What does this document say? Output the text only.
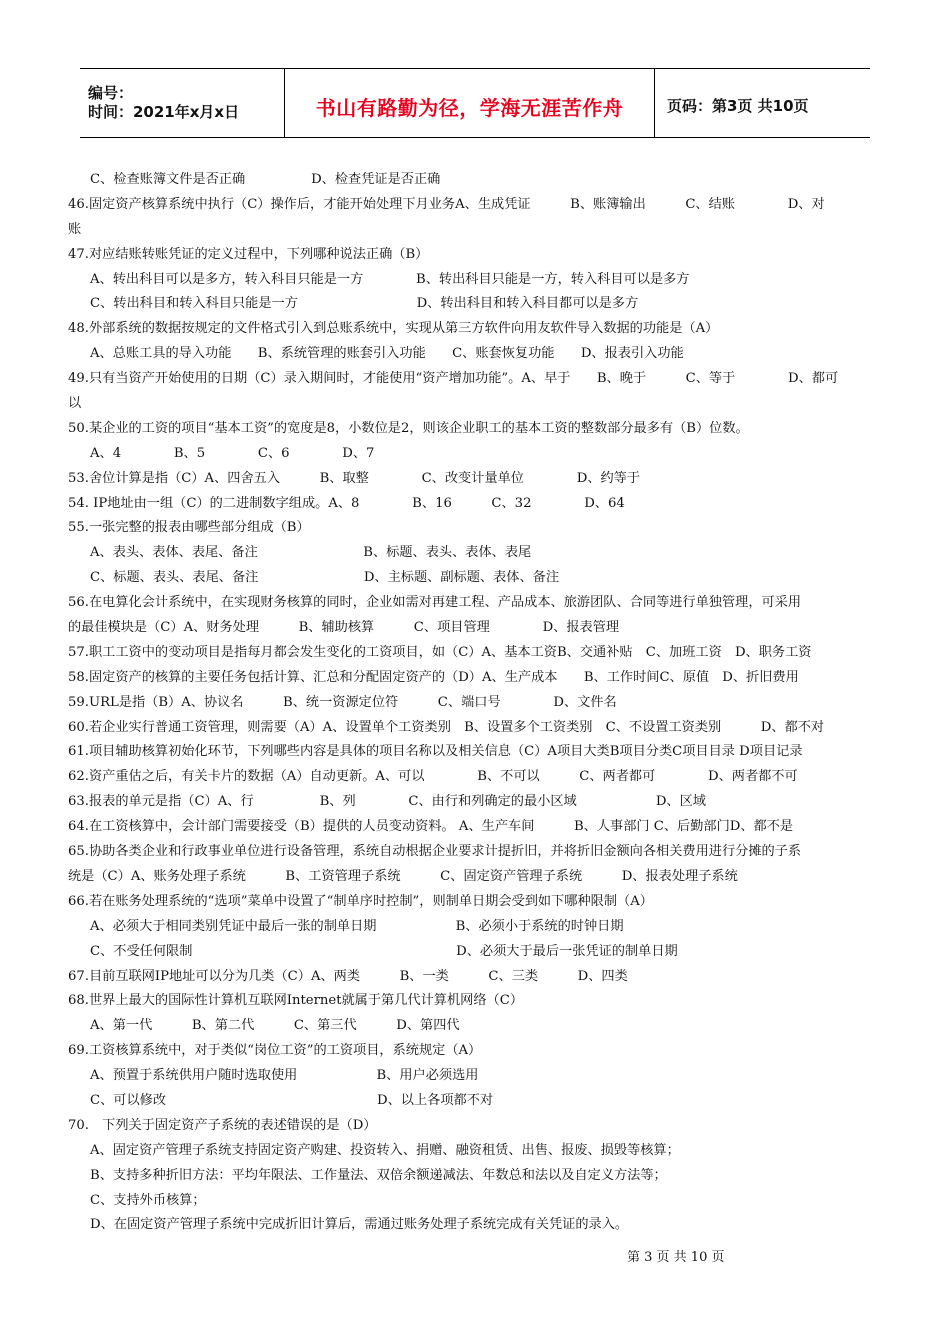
编号：
时间：2021年x月x日	书山有路勤为径，学海无涯苦作舟	页码：第3页 共10页
C、检查账簿文件是否正确　　　　　D、检查凭证是否正确
46.固定资产核算系统中执行（C）操作后，才能开始处理下月业务A、生成凭证　　　B、账簿输出　　　C、结账　　　　D、对
账
47.对应结账转账凭证的定义过程中，下列哪种说法正确（B）
A、转出科目可以是多方，转入科目只能是一方　　　　B、转出科目只能是一方，转入科目可以是多方
C、转出科目和转入科目只能是一方　　　　　　　　　D、转出科目和转入科目都可以是多方
48.外部系统的数据按规定的文件格式引入到总账系统中，实现从第三方软件向用友软件导入数据的功能是（A）
A、总账工具的导入功能　　B、系统管理的账套引入功能　　C、账套恢复功能　　D、报表引入功能
49.只有当资产开始使用的日期（C）录入期间时，才能使用“资产增加功能”。A、早于　　B、晚于　　　C、等于　　　　D、都可
以
50.某企业的工资的项目“基本工资”的宽度是8，小数位是2，则该企业职工的基本工资的整数部分最多有（B）位数。
A、4　　　　B、5　　　　C、6　　　　D、7
53.舍位计算是指（C）A、四舍五入　　　B、取整　　　　C、改变计量单位　　　　D、约等于
54. IP地址由一组（C）的二进制数字组成。A、8　　　　B、16　　　C、32　　　　D、64
55.一张完整的报表由哪些部分组成（B）
A、表头、表体、表尾、备注　　　　　　　　B、标题、表头、表体、表尾
C、标题、表头、表尾、备注　　　　　　　　D、主标题、副标题、表体、备注
56.在电算化会计系统中，在实现财务核算的同时，企业如需对再建工程、产品成本、旅游团队、合同等进行单独管理，可采用
的最佳模块是（C）A、财务处理　　　B、辅助核算　　　C、项目管理　　　　D、报表管理
57.职工工资中的变动项目是指每月都会发生变化的工资项目，如（C）A、基本工资B、交通补贴　C、加班工资　D、职务工资
58.固定资产的核算的主要任务包括计算、汇总和分配固定资产的（D）A、生产成本　　B、工作时间C、原值　D、折旧费用
59.URL是指（B）A、协议名　　　B、统一资源定位符　　　C、端口号　　　　D、文件名
60.若企业实行普通工资管理，则需要（A）A、设置单个工资类别　B、设置多个工资类别　C、不设置工资类别　　　D、都不对
61.项目辅助核算初始化环节，下列哪些内容是具体的项目名称以及相关信息（C）A项目大类B项目分类C项目目录 D项目记录
62.资产重估之后，有关卡片的数据（A）自动更新。A、可以　　　　B、不可以　　　C、两者都可　　　　D、两者都不可
63.报表的单元是指（C）A、行　　　　　B、列　　　　C、由行和列确定的最小区域　　　　　　D、区域
64.在工资核算中，会计部门需要接受（B）提供的人员变动资料。 A、生产车间　　　B、人事部门 C、后勤部门D、都不是
65.协助各类企业和行政事业单位进行设备管理，系统自动根据企业要求计提折旧，并将折旧金额向各相关费用进行分摊的子系
统是（C）A、账务处理子系统　　　B、工资管理子系统　　　C、固定资产管理子系统　　　D、报表处理子系统
66.若在账务处理系统的“选项”菜单中设置了“制单序时控制”，则制单日期会受到如下哪种限制（A）
A、必须大于相同类别凭证中最后一张的制单日期　　　　　　B、必须小于系统的时钟日期
C、不受任何限制　　　　　　　　　　　　　　　　　　　　D、必须大于最后一张凭证的制单日期
67.目前互联网IP地址可以分为几类（C）A、两类　　　B、一类　　　C、三类　　　D、四类
68.世界上最大的国际性计算机互联网Internet就属于第几代计算机网络（C）
A、第一代　　　B、第二代　　　C、第三代　　　D、第四代
69.工资核算系统中，对于类似“岗位工资”的工资项目，系统规定（A）
A、预置于系统供用户随时选取使用　　　　　　B、用户必须选用
C、可以修改　　　　　　　　　　　　　　　　D、以上各项都不对
70.　下列关于固定资产子系统的表述错误的是（D）
A、固定资产管理子系统支持固定资产购建、投资转入、捐赠、融资租赁、出售、报废、损毁等核算；
B、支持多种折旧方法：平均年限法、工作量法、双倍余额递减法、年数总和法以及自定义方法等；
C、支持外币核算；
D、在固定资产管理子系统中完成折旧计算后，需通过账务处理子系统完成有关凭证的录入。
第 3 页 共 10 页
